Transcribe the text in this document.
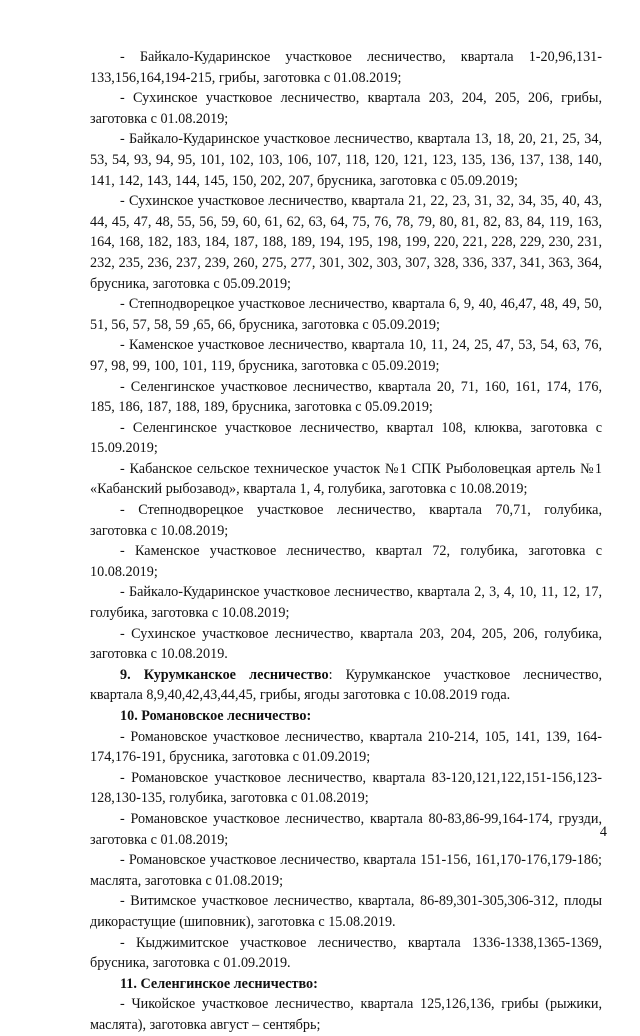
- Байкало-Кударинское участковое лесничество, квартала 1-20,96,131-133,156,164,194-215, грибы, заготовка с 01.08.2019;

- Сухинское участковое лесничество, квартала 203, 204, 205, 206, грибы, заготовка с 01.08.2019;

- Байкало-Кударинское участковое лесничество, квартала 13, 18, 20, 21, 25, 34, 53, 54, 93, 94, 95, 101, 102, 103, 106, 107, 118, 120, 121, 123, 135, 136, 137, 138, 140, 141, 142, 143, 144, 145, 150, 202, 207, брусника, заготовка с 05.09.2019;

- Сухинское участковое лесничество, квартала 21, 22, 23, 31, 32, 34, 35, 40, 43, 44, 45, 47, 48, 55, 56, 59, 60, 61, 62, 63, 64, 75, 76, 78, 79, 80, 81, 82, 83, 84, 119, 163, 164, 168, 182, 183, 184, 187, 188, 189, 194, 195, 198, 199, 220, 221, 228, 229, 230, 231, 232, 235, 236, 237, 239, 260, 275, 277, 301, 302, 303, 307, 328, 336, 337, 341, 363, 364, брусника, заготовка с 05.09.2019;

- Степнодворецкое участковое лесничество, квартала 6, 9, 40, 46,47, 48, 49, 50, 51, 56, 57, 58, 59 ,65, 66, брусника, заготовка с 05.09.2019;

- Каменское участковое лесничество, квартала 10, 11, 24, 25, 47, 53, 54, 63, 76, 97, 98, 99, 100, 101, 119, брусника, заготовка с 05.09.2019;

- Селенгинское участковое лесничество, квартала 20, 71, 160, 161, 174, 176, 185, 186, 187, 188, 189, брусника, заготовка с 05.09.2019;

- Селенгинское участковое лесничество, квартал 108, клюква, заготовка с 15.09.2019;

- Кабанское сельское техническое участок №1 СПК Рыболовецкая артель №1 «Кабанский рыбозавод», квартала 1, 4, голубика, заготовка с 10.08.2019;

- Степнодворецкое участковое лесничество, квартала 70,71, голубика, заготовка с 10.08.2019;

- Каменское участковое лесничество, квартал 72, голубика, заготовка с 10.08.2019;

- Байкало-Кударинское участковое лесничество, квартала 2, 3, 4, 10, 11, 12, 17, голубика, заготовка с 10.08.2019;

- Сухинское участковое лесничество, квартала 203, 204, 205, 206, голубика, заготовка с 10.08.2019.

9. Курумканское лесничество: Курумканское участковое лесничество, квартала 8,9,40,42,43,44,45, грибы, ягоды заготовка с 10.08.2019 года.

10. Романовское лесничество:

- Романовское участковое лесничество, квартала 210-214, 105, 141, 139, 164-174,176-191, брусника, заготовка с 01.09.2019;

- Романовское участковое лесничество, квартала 83-120,121,122,151-156,123-128,130-135, голубика, заготовка с 01.08.2019;

- Романовское участковое лесничество, квартала 80-83,86-99,164-174, грузди, заготовка с 01.08.2019;

- Романовское участковое лесничество, квартала 151-156, 161,170-176,179-186; маслята, заготовка с 01.08.2019;

- Витимское участковое лесничество, квартала, 86-89,301-305,306-312, плоды дикорастущие (шиповник), заготовка с 15.08.2019.

- Кыджимитское участковое лесничество, квартала 1336-1338,1365-1369, брусника, заготовка с 01.09.2019.

11. Селенгинское лесничество:

- Чикойское участковое лесничество, квартала 125,126,136, грибы (рыжики, маслята), заготовка август – сентябрь;

4
